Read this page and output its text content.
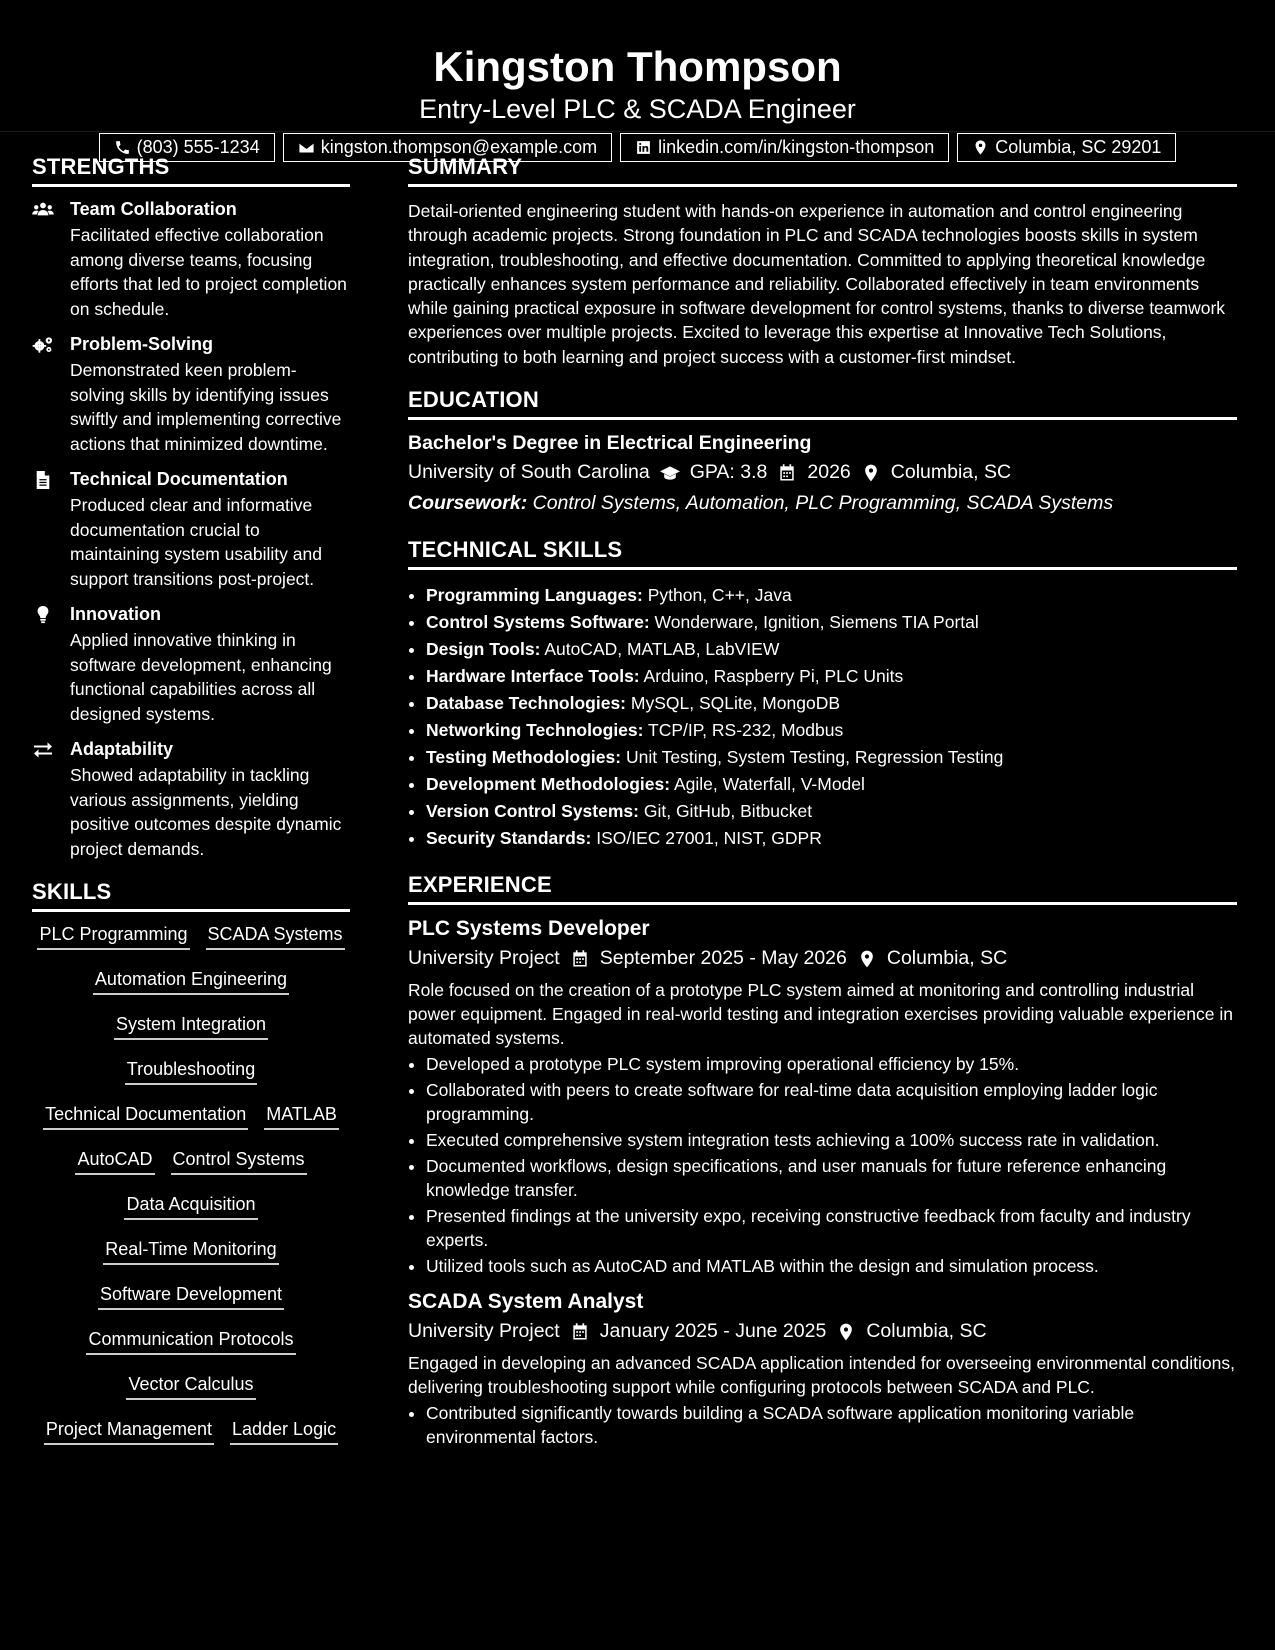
Kingston Thompson
Entry-Level PLC & SCADA Engineer
(803) 555-1234	kingston.thompson@example.com	linkedin.com/in/kingston-thompson	Columbia, SC 29201
STRENGTHS
Team Collaboration
Facilitated effective collaboration among diverse teams, focusing efforts that led to project completion on schedule.
Problem-Solving
Demonstrated keen problem-solving skills by identifying issues swiftly and implementing corrective actions that minimized downtime.
Technical Documentation
Produced clear and informative documentation crucial to maintaining system usability and support transitions post-project.
Innovation
Applied innovative thinking in software development, enhancing functional capabilities across all designed systems.
Adaptability
Showed adaptability in tackling various assignments, yielding positive outcomes despite dynamic project demands.
SKILLS
PLC Programming SCADA Systems
Automation Engineering
System Integration
Troubleshooting
Technical Documentation MATLAB
AutoCAD Control Systems
Data Acquisition
Real-Time Monitoring
Software Development
Communication Protocols
Vector Calculus
Project Management Ladder Logic
SUMMARY
Detail-oriented engineering student with hands-on experience in automation and control engineering through academic projects. Strong foundation in PLC and SCADA technologies boosts skills in system integration, troubleshooting, and effective documentation. Committed to applying theoretical knowledge practically enhances system performance and reliability. Collaborated effectively in team environments while gaining practical exposure in software development for control systems, thanks to diverse teamwork experiences over multiple projects. Excited to leverage this expertise at Innovative Tech Solutions, contributing to both learning and project success with a customer-first mindset.
EDUCATION
Bachelor's Degree in Electrical Engineering
University of South Carolina GPA: 3.8 2026 Columbia, SC
Coursework: Control Systems, Automation, PLC Programming, SCADA Systems
TECHNICAL SKILLS
• Programming Languages: Python, C++, Java
• Control Systems Software: Wonderware, Ignition, Siemens TIA Portal
• Design Tools: AutoCAD, MATLAB, LabVIEW
• Hardware Interface Tools: Arduino, Raspberry Pi, PLC Units
• Database Technologies: MySQL, SQLite, MongoDB
• Networking Technologies: TCP/IP, RS-232, Modbus
• Testing Methodologies: Unit Testing, System Testing, Regression Testing
• Development Methodologies: Agile, Waterfall, V-Model
• Version Control Systems: Git, GitHub, Bitbucket
• Security Standards: ISO/IEC 27001, NIST, GDPR
EXPERIENCE
PLC Systems Developer
University Project September 2025 - May 2026 Columbia, SC
Role focused on the creation of a prototype PLC system aimed at monitoring and controlling industrial power equipment. Engaged in real-world testing and integration exercises providing valuable experience in automated systems.
• Developed a prototype PLC system improving operational efficiency by 15%.
• Collaborated with peers to create software for real-time data acquisition employing ladder logic programming.
• Executed comprehensive system integration tests achieving a 100% success rate in validation.
• Documented workflows, design specifications, and user manuals for future reference enhancing knowledge transfer.
• Presented findings at the university expo, receiving constructive feedback from faculty and industry experts.
• Utilized tools such as AutoCAD and MATLAB within the design and simulation process.
SCADA System Analyst
University Project January 2025 - June 2025 Columbia, SC
Engaged in developing an advanced SCADA application intended for overseeing environmental conditions, delivering troubleshooting support while configuring protocols between SCADA and PLC.
• Contributed significantly towards building a SCADA software application monitoring variable environmental factors.
